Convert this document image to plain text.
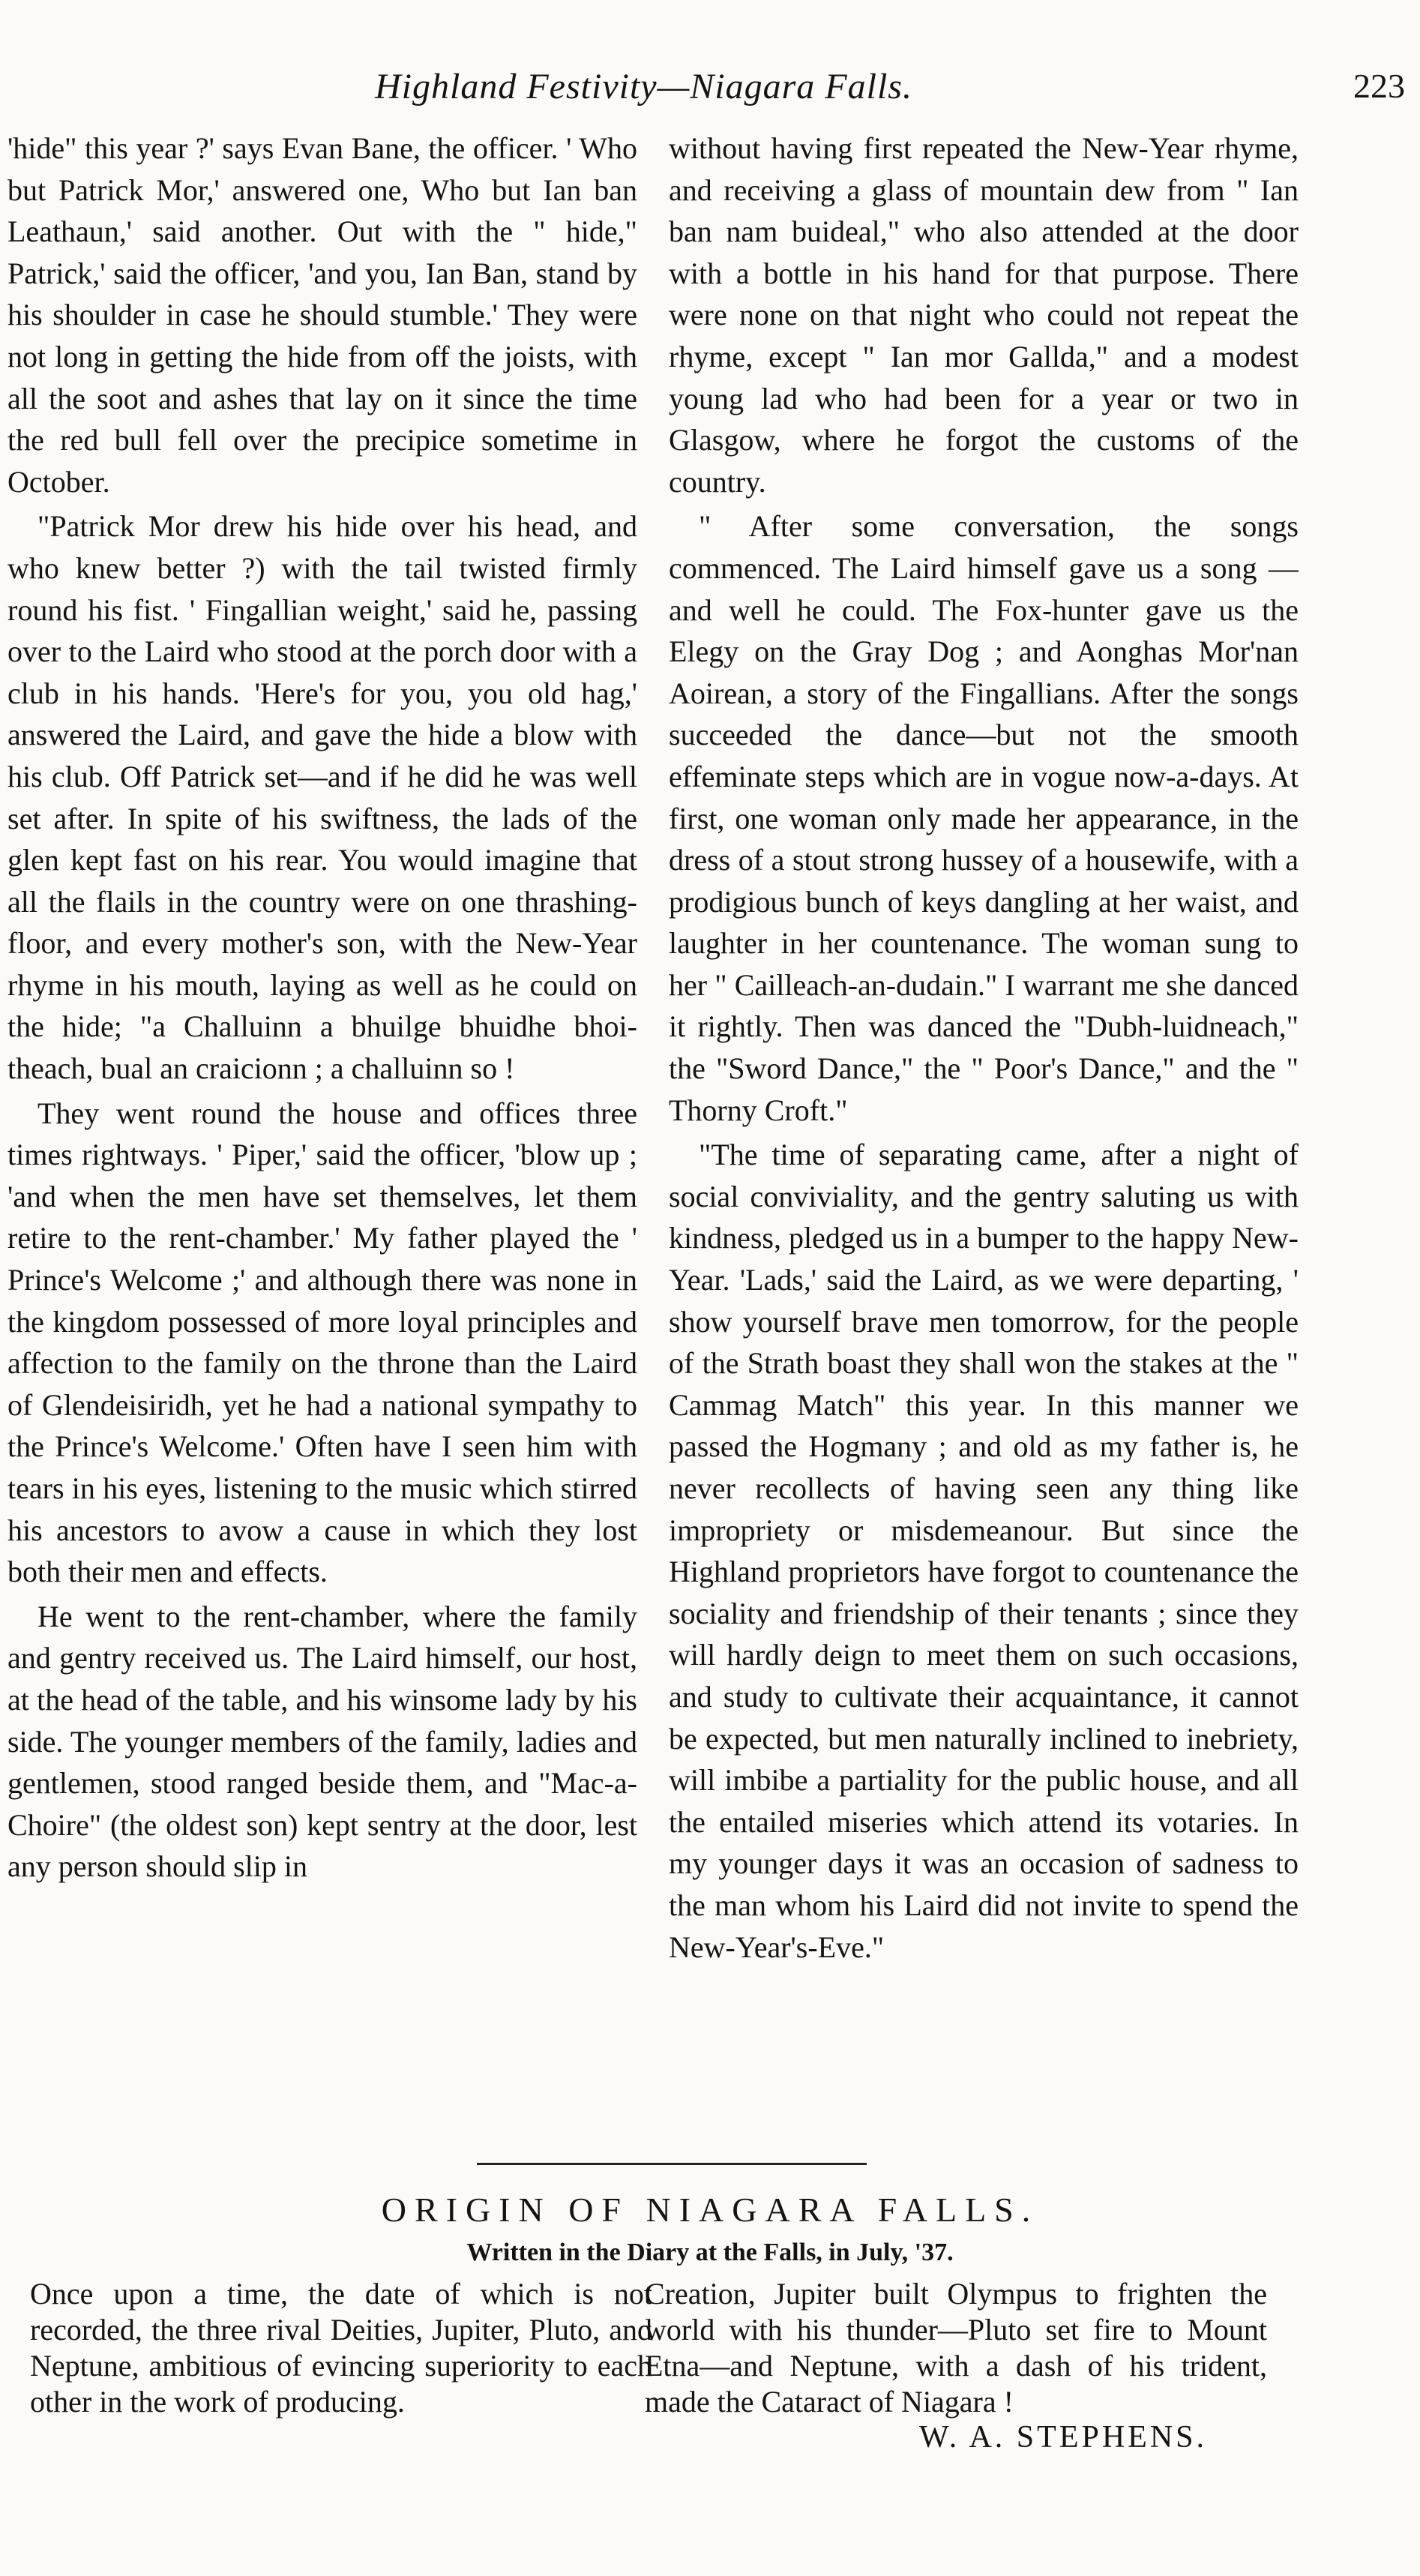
Highland Festivity—Niagara Falls.	223

'hide" this year ?' says Evan Bane, the officer. ' Who but Patrick Mor,' answered one, Who but Ian ban Leathaun,' said another. Out with the " hide," Patrick,' said the officer, 'and you, Ian Ban, stand by his shoulder in case he should stumble.' They were not long in getting the hide from off the joists, with all the soot and ashes that lay on it since the time the red bull fell over the precipice sometime in October.

"Patrick Mor drew his hide over his head, and who knew better ?) with the tail twisted firmly round his fist. ' Fingallian weight,' said he, passing over to the Laird who stood at the porch door with a club in his hands. 'Here's for you, you old hag,' answered the Laird, and gave the hide a blow with his club. Off Patrick set—and if he did he was well set after. In spite of his swiftness, the lads of the glen kept fast on his rear. You would imagine that all the flails in the country were on one thrashing-floor, and every mother's son, with the New-Year rhyme in his mouth, laying as well as he could on the hide; "a Challuinn a bhuilge bhuidhe bhoi-theach, bual an craicionn ; a challuinn so !

They went round the house and offices three times rightways. ' Piper,' said the officer, 'blow up ; 'and when the men have set themselves, let them retire to the rent-chamber.' My father played the ' Prince's Welcome ;' and although there was none in the kingdom possessed of more loyal principles and affection to the family on the throne than the Laird of Glendeisiridh, yet he had a national sympathy to the Prince's Welcome.' Often have I seen him with tears in his eyes, listening to the music which stirred his ancestors to avow a cause in which they lost both their men and effects.

He went to the rent-chamber, where the family and gentry received us. The Laird himself, our host, at the head of the table, and his winsome lady by his side. The younger members of the family, ladies and gentlemen, stood ranged beside them, and "Mac-a-Choire" (the oldest son) kept sentry at the door, lest any person should slip in

without having first repeated the New-Year rhyme, and receiving a glass of mountain dew from " Ian ban nam buideal," who also attended at the door with a bottle in his hand for that purpose. There were none on that night who could not repeat the rhyme, except " Ian mor Gallda," and a modest young lad who had been for a year or two in Glasgow, where he forgot the customs of the country.

" After some conversation, the songs commenced. The Laird himself gave us a song —and well he could. The Fox-hunter gave us the Elegy on the Gray Dog ; and Aonghas Mor'nan Aoirean, a story of the Fingallians. After the songs succeeded the dance—but not the smooth effeminate steps which are in vogue now-a-days. At first, one woman only made her appearance, in the dress of a stout strong hussey of a housewife, with a prodigious bunch of keys dangling at her waist, and laughter in her countenance. The woman sung to her " Cailleach-an-dudain." I warrant me she danced it rightly. Then was danced the "Dubh-luidneach," the "Sword Dance," the " Poor's Dance," and the " Thorny Croft."

"The time of separating came, after a night of social conviviality, and the gentry saluting us with kindness, pledged us in a bumper to the happy New-Year. 'Lads,' said the Laird, as we were departing, ' show yourself brave men tomorrow, for the people of the Strath boast they shall won the stakes at the " Cammag Match" this year. In this manner we passed the Hogmany ; and old as my father is, he never recollects of having seen any thing like impropriety or misdemeanour. But since the Highland proprietors have forgot to countenance the sociality and friendship of their tenants ; since they will hardly deign to meet them on such occasions, and study to cultivate their acquaintance, it cannot be expected, but men naturally inclined to inebriety, will imbibe a partiality for the public house, and all the entailed miseries which attend its votaries. In my younger days it was an occasion of sadness to the man whom his Laird did not invite to spend the New-Year's-Eve."

ORIGIN OF NIAGARA FALLS.
Written in the Diary at the Falls, in July, '37.

Once upon a time, the date of which is not recorded, the three rival Deities, Jupiter, Pluto, and Neptune, ambitious of evincing superiority to each other in the work of producing.

Creation, Jupiter built Olympus to frighten the world with his thunder—Pluto set fire to Mount Etna—and Neptune, with a dash of his trident, made the Cataract of Niagara !

W. A. STEPHENS.
